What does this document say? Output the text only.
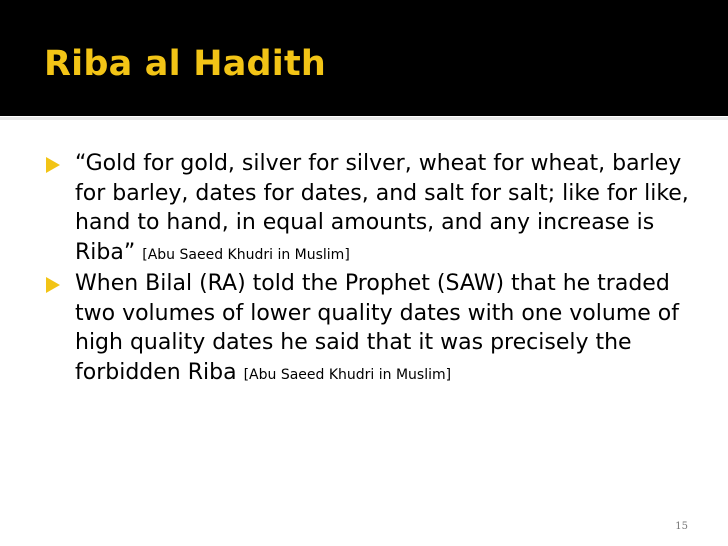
Riba al Hadith

“Gold for gold, silver for silver, wheat for wheat, barley for barley, dates for dates, and salt for salt; like for like, hand to hand, in equal amounts, and any increase is Riba” [Abu Saeed Khudri in Muslim]

When Bilal (RA) told the Prophet (SAW) that he traded two volumes of lower quality dates with one volume of high quality dates he said that it was precisely the forbidden Riba [Abu Saeed Khudri in Muslim]

15
